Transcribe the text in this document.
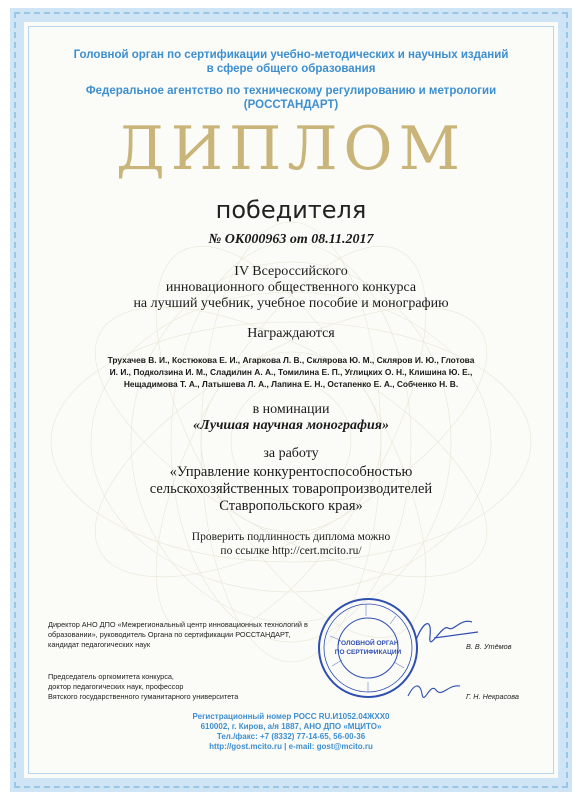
Головной орган по сертификации учебно-методических и научных изданий
в сфере общего образования
Федеральное агентство по техническому регулированию и метрологии
(РОССТАНДАРТ)
ДИПЛОМ
победителя
№ ОК000963 от 08.11.2017
IV Всероссийского
инновационного общественного конкурса
на лучший учебник, учебное пособие и монографию
Награждаются
Трухачев В. И., Костюкова Е. И., Агаркова Л. В., Склярова Ю. М., Скляров И. Ю., Глотова
И. И., Подколзина И. М., Сладилин А. А., Томилина Е. П., Углицких О. Н., Клишина Ю. Е.,
Нещадимова Т. А., Латышева Л. А., Лапина Е. Н., Остапенко Е. А., Собченко Н. В.
в номинации
«Лучшая научная монография»
за работу
«Управление конкурентоспособностью
сельскохозяйственных товаропроизводителей
Ставропольского края»
Проверить подлинность диплома можно
по ссылке http://cert.mcito.ru/
Директор АНО ДПО «Межрегиональный центр инновационных технологий в
образовании», руководитель Органа по сертификации РОССТАНДАРТ,
кандидат педагогических наук	В. В. Утёмов
Председатель оргкомитета конкурса,
доктор педагогических наук, профессор
Вятского государственного гуманитарного университета	Г. Н. Некрасова
ГОЛОВНОЙ ОРГАН
ПО СЕРТИФИКАЦИИ
Регистрационный номер РОСС RU.И1052.04ЖХХ0
610002, г. Киров, а/я 1887, АНО ДПО «МЦИТО»
Тел./факс: +7 (8332) 77-14-65, 56-00-36
http://gost.mcito.ru | e-mail: gost@mcito.ru
